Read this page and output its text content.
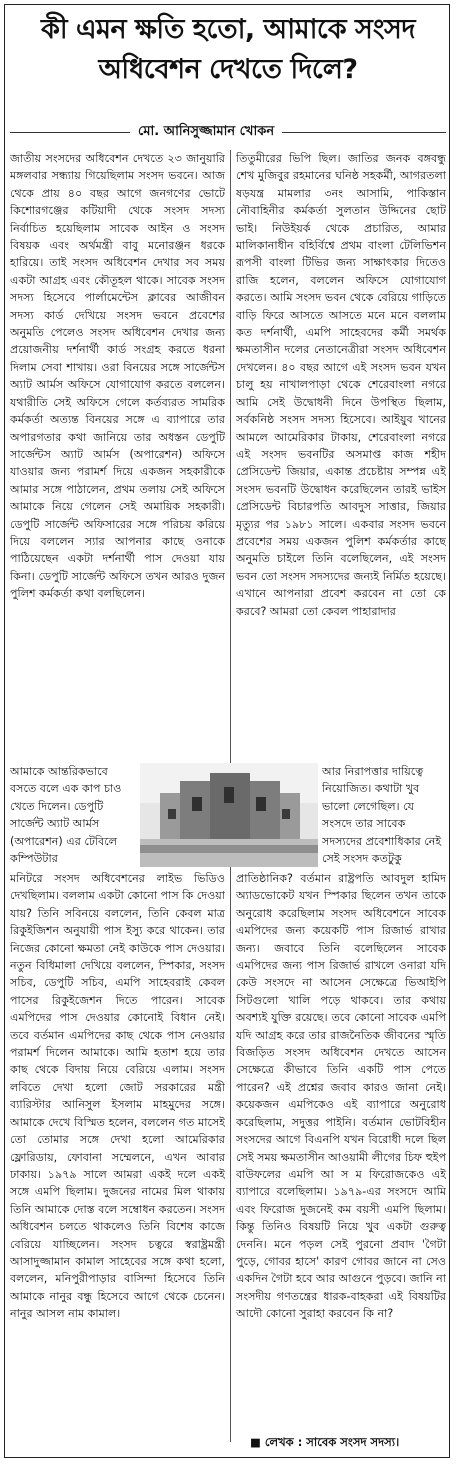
কী এমন ক্ষতি হতো, আমাকে সংসদ
অধিবেশন দেখতে দিলে?
মো. আনিসুজ্জামান খোকন

জাতীয় সংসদের অধিবেশন দেখতে ২৩ জানুয়ারি মঙ্গলবার সন্ধ্যায় গিয়েছিলাম সংসদ ভবনে। আজ থেকে প্রায় ৪০ বছর আগে জনগণের ভোটে কিশোরগঞ্জের কটিয়াদী থেকে সংসদ সদস্য নির্বাচিত হয়েছিলাম সাবেক আইন ও সংসদ বিষয়ক এবং অর্থমন্ত্রী বাবু মনোরঞ্জন ধরকে হারিয়ে। তাই সংসদ অধিবেশন দেখার সব সময় একটা আগ্রহ এবং কৌতূহল থাকে। সাবেক সংসদ সদস্য হিসেবে পার্লামেন্টেস ক্লাবের আজীবন সদস্য কার্ড দেখিয়ে সংসদ ভবনে প্রবেশের অনুমতি পেলেও সংসদ অধিবেশন দেখার জন্য প্রয়োজনীয় দর্শনার্থী কার্ড সংগ্রহ করতে ধরনা দিলাম সেবা শাখায়। ওরা বিনয়ের সঙ্গে সার্জেন্টস অ্যাট আর্মস অফিসে যোগাযোগ করতে বললেন। যথারীতি সেই অফিসে গেলে কর্তব্যরত সামরিক কর্মকর্তা অত্যন্ত বিনয়ের সঙ্গে এ ব্যাপারে তার অপারগতার কথা জানিয়ে তার অধস্তন ডেপুটি সার্জেন্টস অ্যাট আর্মস (অপারেশন) অফিসে যাওয়ার জন্য পরামর্শ দিয়ে একজন সহকারীকে আমার সঙ্গে পাঠালেন, প্রথম তলায় সেই অফিসে আমাকে নিয়ে গেলেন সেই অমায়িক সহকারী। ডেপুটি সার্জেন্ট অফিসারের সঙ্গে পরিচয় করিয়ে দিয়ে বললেন স্যার আপনার কাছে ওনাকে পাঠিয়েছেন একটা দর্শনার্থী পাস দেওয়া যায় কিনা। ডেপুটি সার্জেন্ট অফিসে তখন আরও দুজন পুলিশ কর্মকর্তা কথা বলছিলেন।

আমাকে আন্তরিকভাবে বসতে বলে এক কাপ চাও খেতে দিলেন। ডেপুটি সার্জেন্ট অ্যাট আর্মস (অপারেশন) এর টেবিলে কম্পিউটার

আর নিরাপত্তার দায়িত্বে নিয়োজিত। কথাটা খুব ভালো লেগেছিল। যে সংসদে তার সাবেক সদস্যদের প্রবেশাধিকার নেই সেই সংসদ কতটুকু

তিতুমীরের ভিপি ছিল। জাতির জনক বঙ্গবন্ধু শেখ মুজিবুর রহমানের ঘনিষ্ঠ সহকর্মী, আগরতলা ষড়যন্ত্র মামলার ৩নং আসামি, পাকিস্তান নৌবাহিনীর কর্মকর্তা সুলতান উদ্দিনের ছোট ভাই। নিউইয়র্ক থেকে প্রচারিত, আমার মালিকানাধীন বহির্বিশ্বে প্রথম বাংলা টেলিভিশন রূপসী বাংলা টিভির জন্য সাক্ষাৎকার দিতেও রাজি হলেন, বললেন অফিসে যোগাযোগ করতে। আমি সংসদ ভবন থেকে বেরিয়ে গাড়িতে বাড়ি ফিরে আসতে আসতে মনে মনে বললাম কত দর্শনার্থী, এমপি সাহেবদের কর্মী সমর্থক ক্ষমতাসীন দলের নেতানেত্রীরা সংসদ অধিবেশন দেখলেন। ৪০ বছর আগে এই সংসদ ভবন যখন চালু হয় নাখালপাড়া থেকে শেরেবাংলা নগরে আমি সেই উদ্বোধনী দিনে উপস্থিত ছিলাম, সর্বকনিষ্ঠ সংসদ সদস্য হিসেবে। আইয়ুব খানের আমলে আমেরিকার টাকায়, শেরেবাংলা নগরে এই সংসদ ভবনটির অসমাপ্ত কাজ শহীদ প্রেসিডেন্ট জিয়ার, একান্ত প্রচেষ্টায় সম্পন্ন এই সংসদ ভবনটি উদ্বোধন করেছিলেন তারই ভাইস প্রেসিডেন্ট বিচারপতি আবদুস সাত্তার, জিয়ার মৃত্যুর পর ১৯৮১ সালে। একবার সংসদ ভবনে প্রবেশের সময় একজন পুলিশ কর্মকর্তার কাছে অনুমতি চাইলে তিনি বলেছিলেন, এই সংসদ ভবন তো সংসদ সদস্যদের জন্যই নির্মিত হয়েছে। এখানে আপনারা প্রবেশ করবেন না তো কে করবে? আমরা তো কেবল পাহারাদার

মনিটরে সংসদ অধিবেশনের লাইভ ভিডিও দেখছিলাম। বললাম একটা কোনো পাস কি দেওয়া যায়? তিনি সবিনয়ে বললেন, তিনি কেবল মাত্র রিকুইজিশন অনুযায়ী পাস ইস্যু করে থাকেন। তার নিজের কোনো ক্ষমতা নেই কাউকে পাস দেওয়ার। নতুন বিধিমালা দেখিয়ে বললেন, স্পিকার, সংসদ সচিব, ডেপুটি সচিব, এমপি সাহেবরাই কেবল পাসের রিকুইজেশন দিতে পারেন। সাবেক এমপিদের পাস দেওয়ার কোনোই বিধান নেই। তবে বর্তমান এমপিদের কাছ থেকে পাস নেওয়ার পরামর্শ দিলেন আমাকে। আমি হতাশ হয়ে তার কাছ থেকে বিদায় নিয়ে বেরিয়ে এলাম। সংসদ লবিতে দেখা হলো জোট সরকারের মন্ত্রী ব্যারিস্টার আনিসুল ইসলাম মাহমুদের সঙ্গে। আমাকে দেখে বিস্মিত হলেন, বললেন গত মাসেই তো তোমার সঙ্গে দেখা হলো আমেরিকার ফ্লোরিডায়, ফোবানা সম্মেলনে, এখন আবার ঢাকায়। ১৯৭৯ সালে আমরা একই দলে একই সঙ্গে এমপি ছিলাম। দুজনের নামের মিল থাকায় তিনি আমাকে দোস্ত বলে সম্বোধন করতেন। সংসদ অধিবেশন চলতে থাকলেও তিনি বিশেষ কাজে বেরিয়ে যাচ্ছিলেন। সংসদ চত্বরে স্বরাষ্ট্রমন্ত্রী আসাদুজ্জামান কামাল সাহেবের সঙ্গে কথা হলো, বললেন, মনিপুরীপাড়ার বাসিন্দা হিসেবে তিনি আমাকে নানুর বন্ধু হিসেবে আগে থেকে চেনেন। নানুর আসল নাম কামাল।

প্রাতিষ্ঠানিক? বর্তমান রাষ্ট্রপতি আবদুল হামিদ অ্যাডভোকেট যখন স্পিকার ছিলেন তখন তাকে অনুরোধ করেছিলাম সংসদ অধিবেশনে সাবেক এমপিদের জন্য কয়েকটি পাস রিজার্ভ রাখার জন্য। জবাবে তিনি বলেছিলেন সাবেক এমপিদের জন্য পাস রিজার্ভ রাখলে ওনারা যদি কেউ সংসদে না আসেন সেক্ষেত্রে ভিআইপি সিটগুলো খালি পড়ে থাকবে। তার কথায় অবশ্যই যুক্তি রয়েছে। তবে কোনো সাবেক এমপি যদি আগ্রহ করে তার রাজনৈতিক জীবনের স্মৃতি বিজড়িত সংসদ অধিবেশন দেখতে আসেন সেক্ষেত্রে কীভাবে তিনি একটি পাস পেতে পারেন? এই প্রশ্নের জবাব কারও জানা নেই। কয়েকজন এমপিকেও এই ব্যাপারে অনুরোধ করেছিলাম, সদুত্তর পাইনি। বর্তমান ভোটবিহীন সংসদের আগে বিএনপি যখন বিরোধী দলে ছিল সেই সময় ক্ষমতাসীন আওয়ামী লীগের চিফ হুইপ বাউফলের এমপি আ স ম ফিরোজকেও এই ব্যাপারে বলেছিলাম। ১৯৭৯-এর সংসদে আমি এবং ফিরোজ দুজনেই কম বয়সী এমপি ছিলাম। কিন্তু তিনিও বিষয়টি নিয়ে খুব একটা গুরুত্ব দেননি। মনে পড়ল সেই পুরনো প্রবাদ 'গৈটা পুড়ে, গোবর হাসে' কারণ গোবর জানে না সেও একদিন গৈটা হবে আর আগুনে পুড়বে। জানি না সংসদীয় গণতন্ত্রের ধারক-বাহকরা এই বিষয়টির আদৌ কোনো সুরাহা করবেন কি না?

■ লেখক : সাবেক সংসদ সদস্য।
